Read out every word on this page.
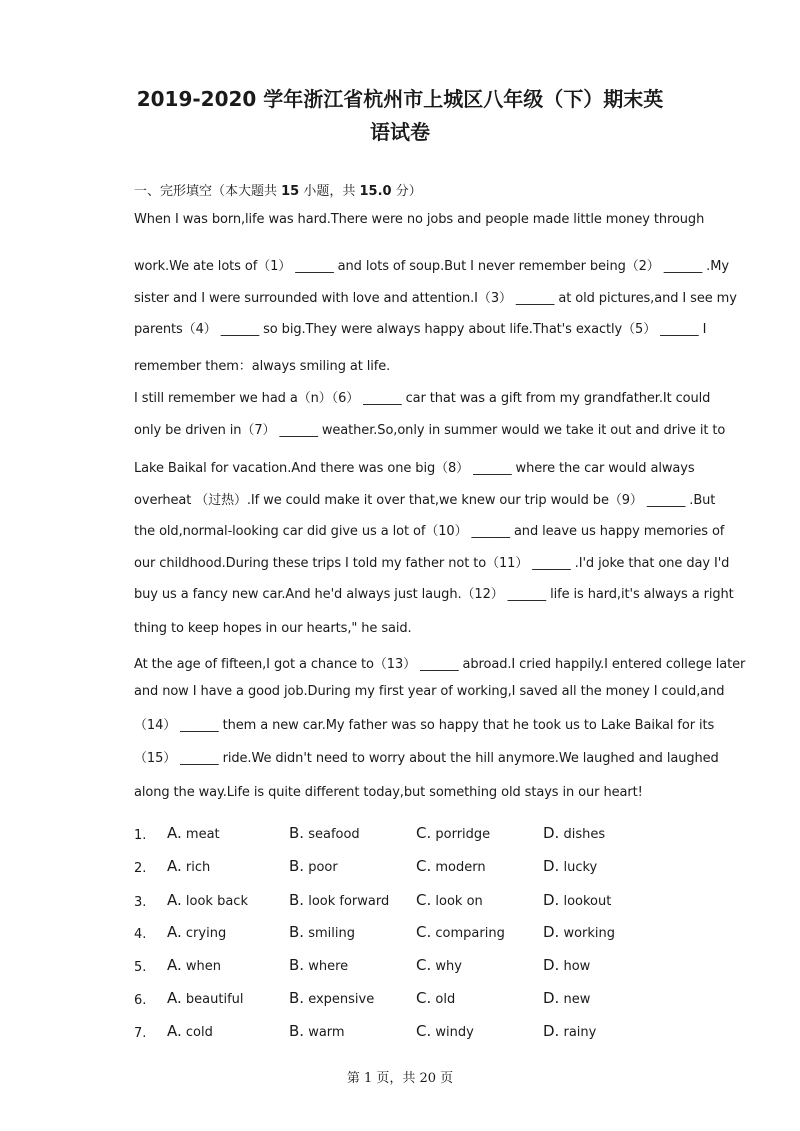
2019-2020 学年浙江省杭州市上城区八年级（下）期末英
语试卷
一、完形填空（本大题共 15 小题，共 15.0 分）
When I was born,life was hard.There were no jobs and people made little money through
work.We ate lots of（1） ______ and lots of soup.But I never remember being（2） ______ .My
sister and I were surrounded with love and attention.I（3） ______ at old pictures,and I see my
parents（4） ______ so big.They were always happy about life.That's exactly（5） ______ I
remember them：always smiling at life.
I still remember we had a（n）（6） ______ car that was a gift from my grandfather.It could
only be driven in（7） ______ weather.So,only in summer would we take it out and drive it to
Lake Baikal for vacation.And there was one big（8） ______ where the car would always
overheat （过热）.If we could make it over that,we knew our trip would be（9） ______ .But
the old,normal-looking car did give us a lot of（10） ______ and leave us happy memories of
our childhood.During these trips I told my father not to（11） ______ .I'd joke that one day I'd
buy us a fancy new car.And he'd always just laugh.（12） ______ life is hard,it's always a right
thing to keep hopes in our hearts," he said.
At the age of fifteen,I got a chance to（13） ______ abroad.I cried happily.I entered college later
and now I have a good job.During my first year of working,I saved all the money I could,and
（14） ______ them a new car.My father was so happy that he took us to Lake Baikal for its
（15） ______ ride.We didn't need to worry about the hill anymore.We laughed and laughed
along the way.Life is quite different today,but something old stays in our heart!
1. A. meat	B. seafood	C. porridge	D. dishes
2. A. rich	B. poor	C. modern	D. lucky
3. A. look back	B. look forward C. look on	D. lookout
4. A. crying	B. smiling	C. comparing	D. working
5. A. when	B. where	C. why	D. how
6. A. beautiful	B. expensive	C. old	D. new
7. A. cold	B. warm	C. windy	D. rainy
第 1 页，共 20 页
